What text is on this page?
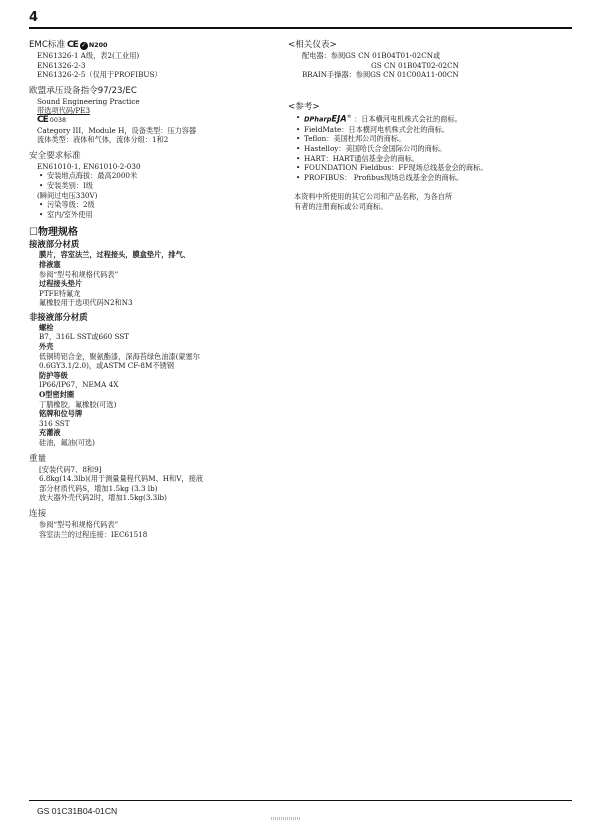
4
EMC标准 CE ✓ N200
EN61326-1 A级，表2(工业用)
EN61326-2-3
EN61326-2-5（仅用于PROFIBUS）
欧盟承压设备指令97/23/EC
Sound Engineering Practice
带选项代码/PE3
CE 0038
Category III，Module H，设备类型：压力容器
流体类型：液体和气体，流体分组：1和2
安全要求标准
EN61010-1, EN61010-2-030
• 安装地点海拔：最高2000米
• 安装类别：I级
(瞬间过电压330V)
• 污染等级：2级
• 室内/室外使用
☐物理规格
接液部分材质
膜片，容室法兰，过程接头，膜盒垫片，排气、
排液塞
参阅“型号和规格代码表”
过程接头垫片
PTFE特氟龙
氟橡胶用于选项代码N2和N3
非接液部分材质
螺栓
B7，316L SST或660 SST
外壳
低铜铸铝合金，聚氨酯漆，深海苔绿色油漆(蒙塞尔
0.6GY3.1/2.0)，或ASTM CF-8M不锈钢
防护等级
IP66/IP67，NEMA 4X
O型密封圈
丁腈橡胶，氟橡胶(可选)
铭牌和位号牌
316 SST
充灌液
硅油，氟油(可选)
重量
[安装代码7、8和9]
6.8kg(14.3lb)(用于测量量程代码M、H和V，接液
部分材质代码S，增加1.5kg (3.3 lb)
放大器外壳代码2时，增加1.5kg(3.3lb)
连接
参阅“型号和规格代码表”
容室法兰的过程连接：IEC61518
<相关仪表>
配电器：参阅GS CN 01B04T01-02CN或
GS CN 01B04T02-02CN
BRAIN手操器：参阅GS CN 01C00A11-00CN
<参考>
• DPharpEJA® ：日本横河电机株式会社的商标。
• FieldMate：日本横河电机株式会社的商标。
• Teflon：美国杜邦公司的商标。
• Hastelloy：美国哈氏合金国际公司的商标。
• HART：HART通信基金会的商标。
• FOUNDATION Fieldbus：FF现场总线基金会的商标。
• PROFIBUS： Profibus现场总线基金会的商标。
本资料中所使用的其它公司和产品名称，为各自所
有者的注册商标或公司商标。
GS 01C31B04-01CN
